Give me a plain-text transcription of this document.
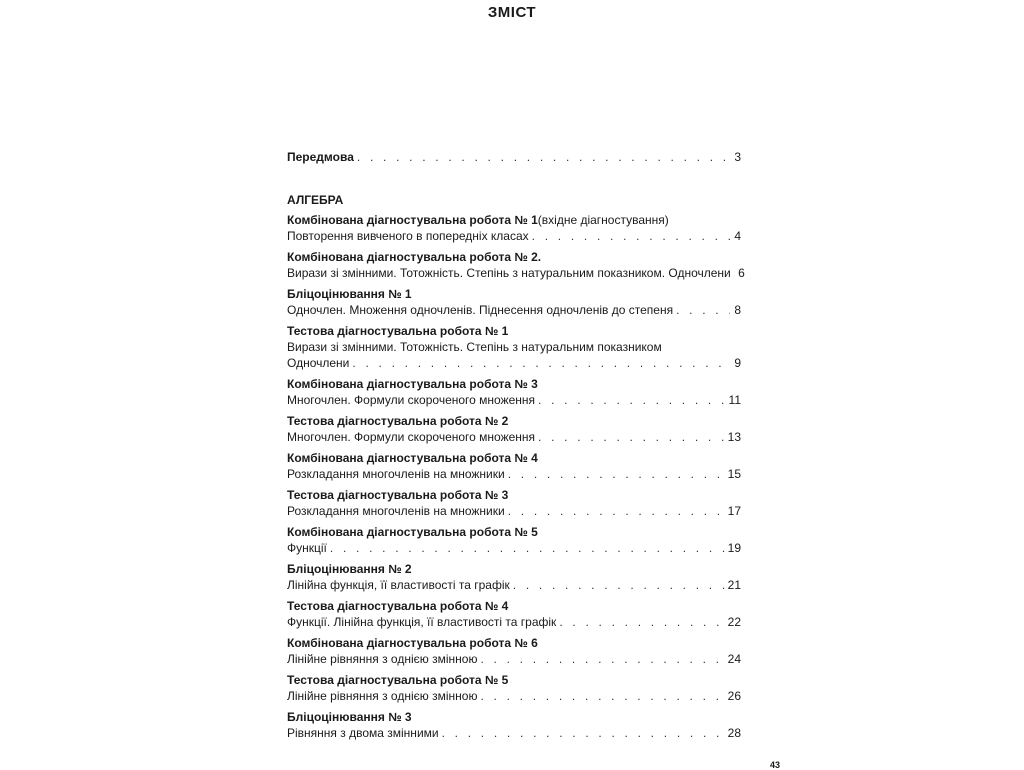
ЗМІСТ
Передмова . . .	3
АЛГЕБРА
Комбінована діагностувальна робота № 1 (вхідне діагностування)
Повторення вивченого в попередніх класах . . .	4
Комбінована діагностувальна робота № 2.
Вирази зі змінними. Тотожність. Степінь з натуральним показником. Одночлени 6
Бліцоцінювання № 1
Одночлен. Множення одночленів. Піднесення одночленів до степеня . . .	8
Тестова діагностувальна робота № 1
Вирази зі змінними. Тотожність. Степінь з натуральним показником
Одночлени . . .	9
Комбінована діагностувальна робота № 3
Многочлен. Формули скороченого множення . . .	11
Тестова діагностувальна робота № 2
Многочлен. Формули скороченого множення . . .	13
Комбінована діагностувальна робота № 4
Розкладання многочленів на множники . . .	15
Тестова діагностувальна робота № 3
Розкладання многочленів на множники . . .	17
Комбінована діагностувальна робота № 5
Функції . . .	19
Бліцоцінювання № 2
Лінійна функція, її властивості та графік . . .	21
Тестова діагностувальна робота № 4
Функції. Лінійна функція, її властивості та графік . . .	22
Комбінована діагностувальна робота № 6
Лінійне рівняння з однією змінною . . .	24
Тестова діагностувальна робота № 5
Лінійне рівняння з однією змінною . . .	26
Бліцоцінювання № 3
Рівняння з двома змінними . . .	28
43
